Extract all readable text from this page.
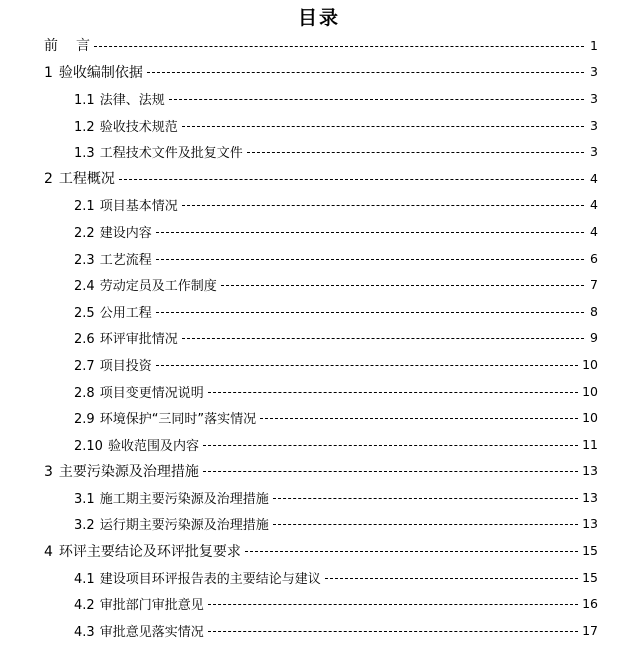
目录
前 言	1
1 验收编制依据	3
1.1 法律、法规	3
1.2 验收技术规范	3
1.3 工程技术文件及批复文件	3
2 工程概况	4
2.1 项目基本情况	4
2.2 建设内容	4
2.3 工艺流程	6
2.4 劳动定员及工作制度	7
2.5 公用工程	8
2.6 环评审批情况	9
2.7 项目投资	10
2.8 项目变更情况说明	10
2.9 环境保护“三同时”落实情况	10
2.10 验收范围及内容	11
3 主要污染源及治理措施	13
3.1 施工期主要污染源及治理措施	13
3.2 运行期主要污染源及治理措施	13
4 环评主要结论及环评批复要求	15
4.1 建设项目环评报告表的主要结论与建议	15
4.2 审批部门审批意见	16
4.3 审批意见落实情况	17
